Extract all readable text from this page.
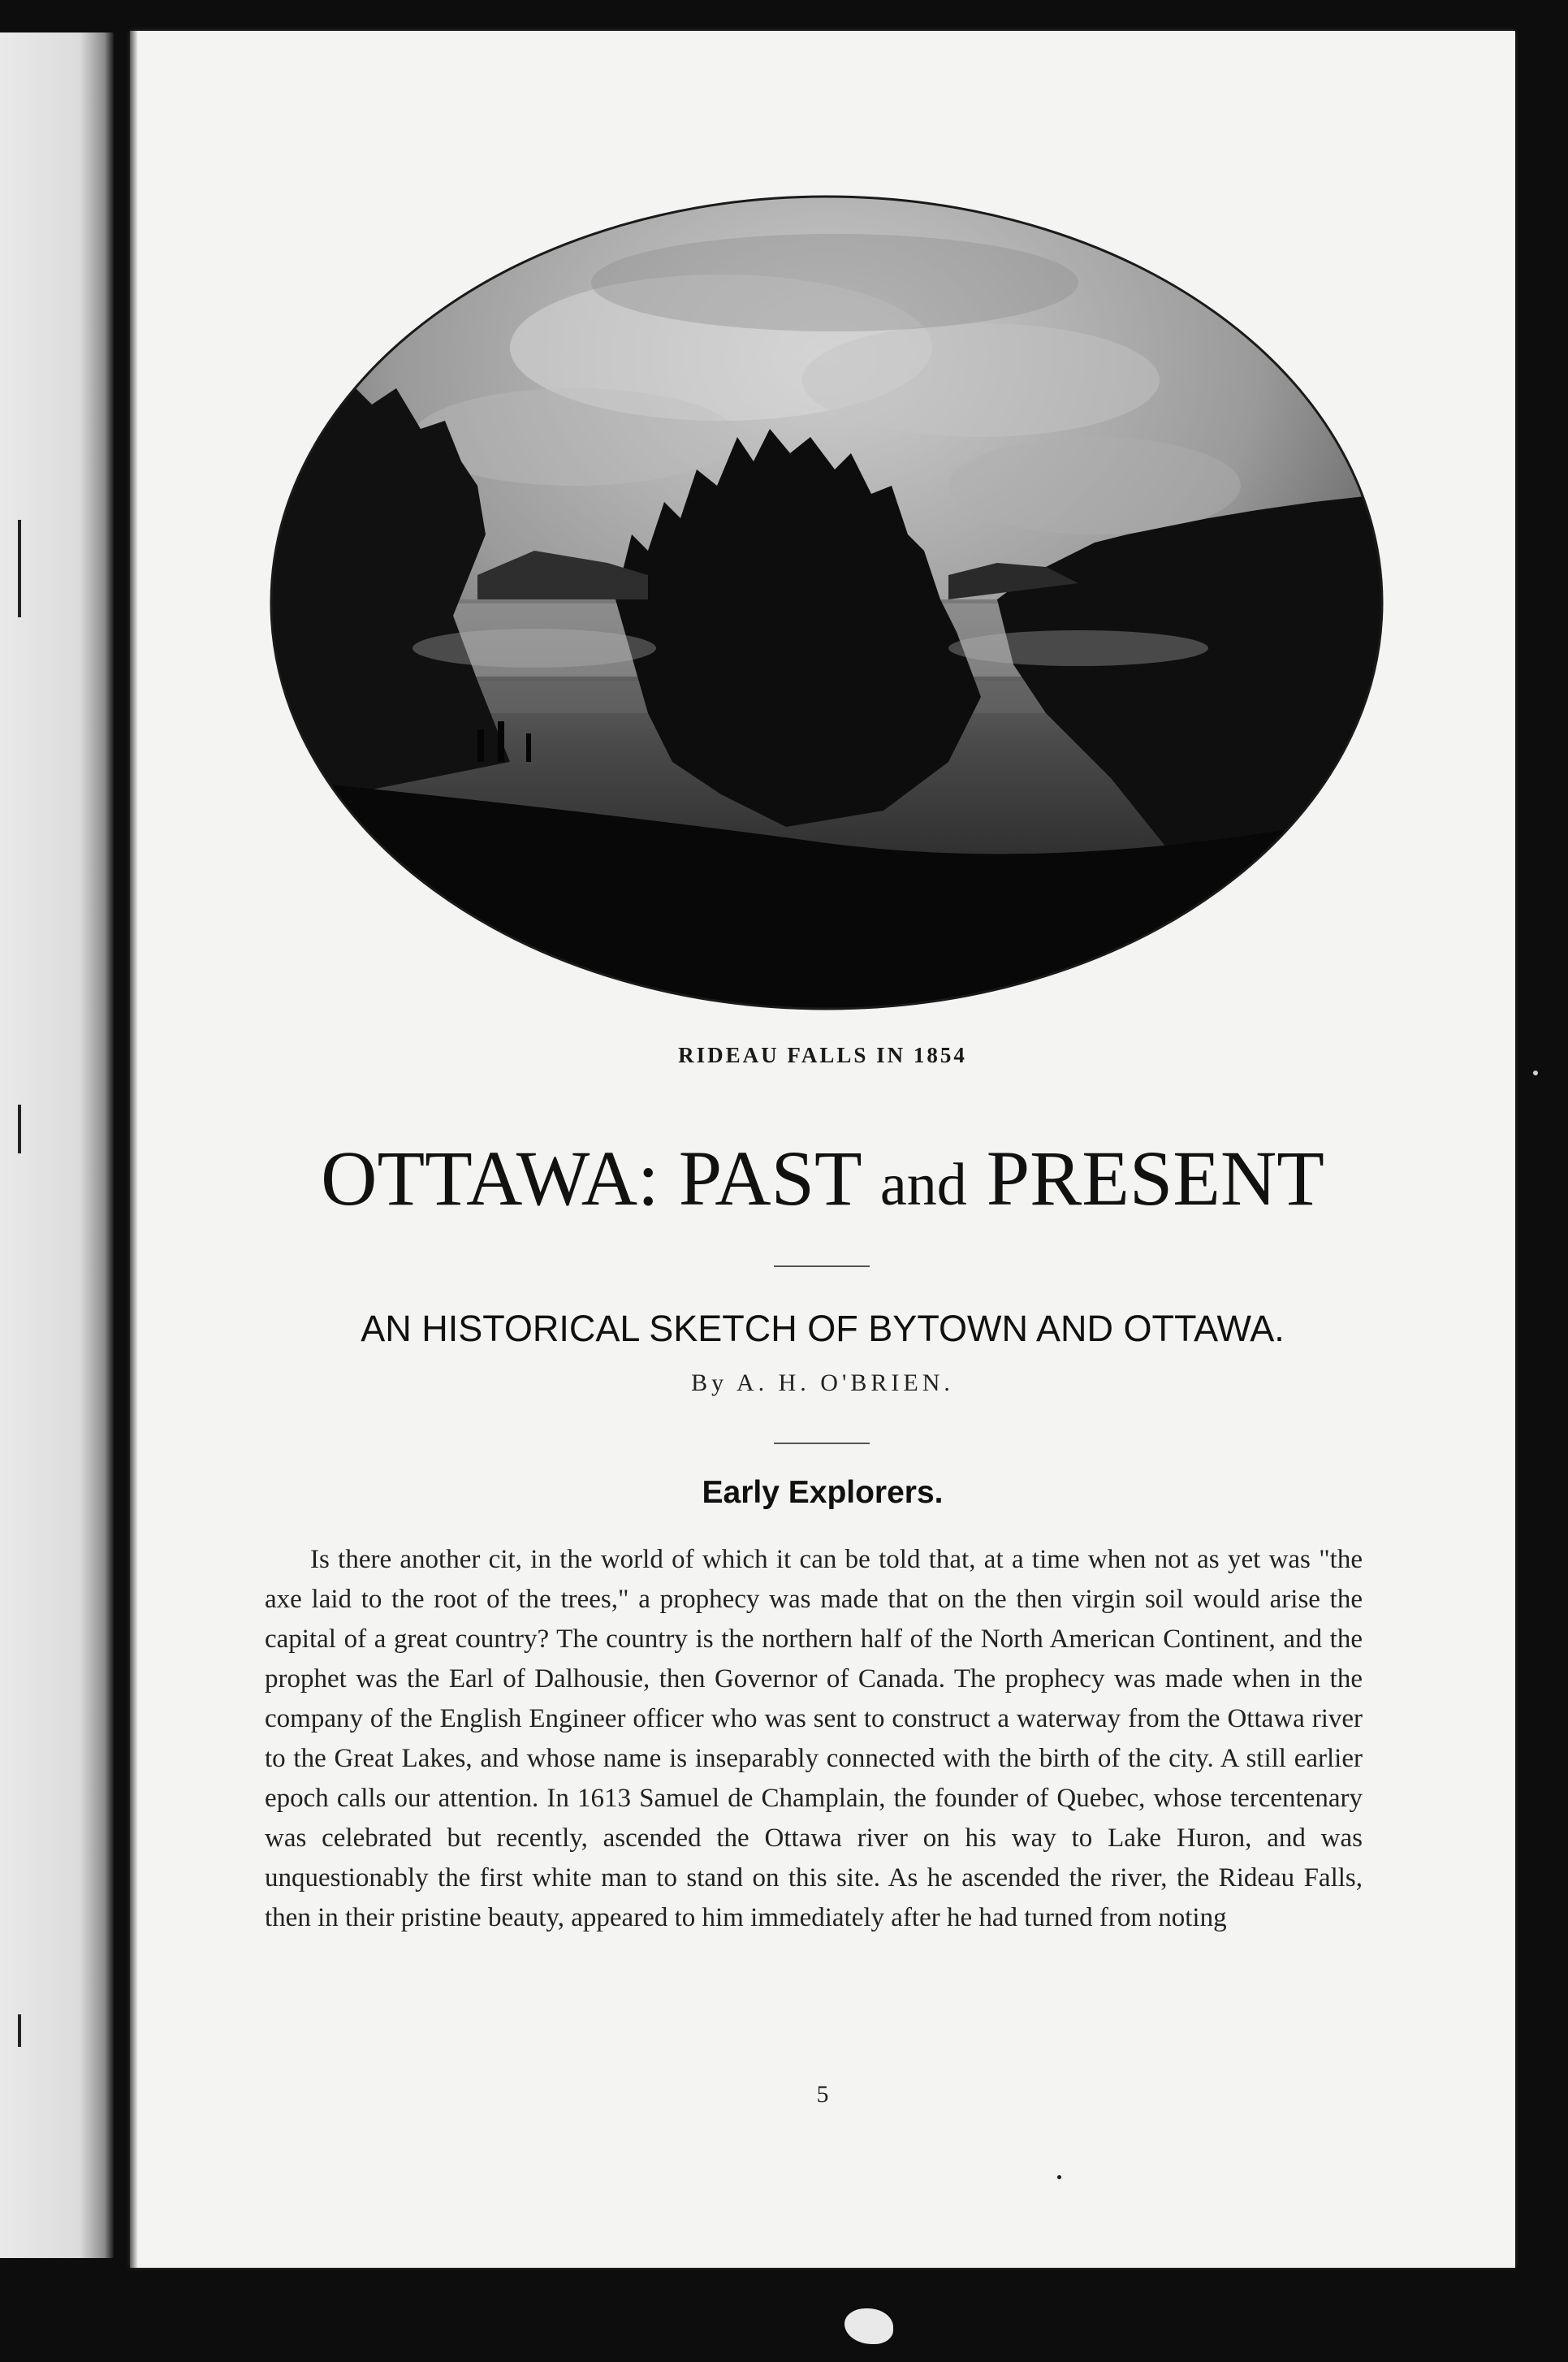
RIDEAU FALLS IN 1854
OTTAWA: PAST and PRESENT
AN HISTORICAL SKETCH OF BYTOWN AND OTTAWA.
By A. H. O'BRIEN.
Early Explorers.

Is there another cit, in the world of which it can be told that, at a time when not as yet was "the axe laid to the root of the trees," a prophecy was made that on the then virgin soil would arise the capital of a great country? The country is the northern half of the North American Continent, and the prophet was the Earl of Dalhousie, then Governor of Canada. The prophecy was made when in the company of the English Engineer officer who was sent to construct a waterway from the Ottawa river to the Great Lakes, and whose name is inseparably connected with the birth of the city. A still earlier epoch calls our attention. In 1613 Samuel de Champlain, the founder of Quebec, whose tercentenary was celebrated but recently, ascended the Ottawa river on his way to Lake Huron, and was unquestionably the first white man to stand on this site. As he ascended the river, the Rideau Falls, then in their pristine beauty, appeared to him immediately after he had turned from noting

5
